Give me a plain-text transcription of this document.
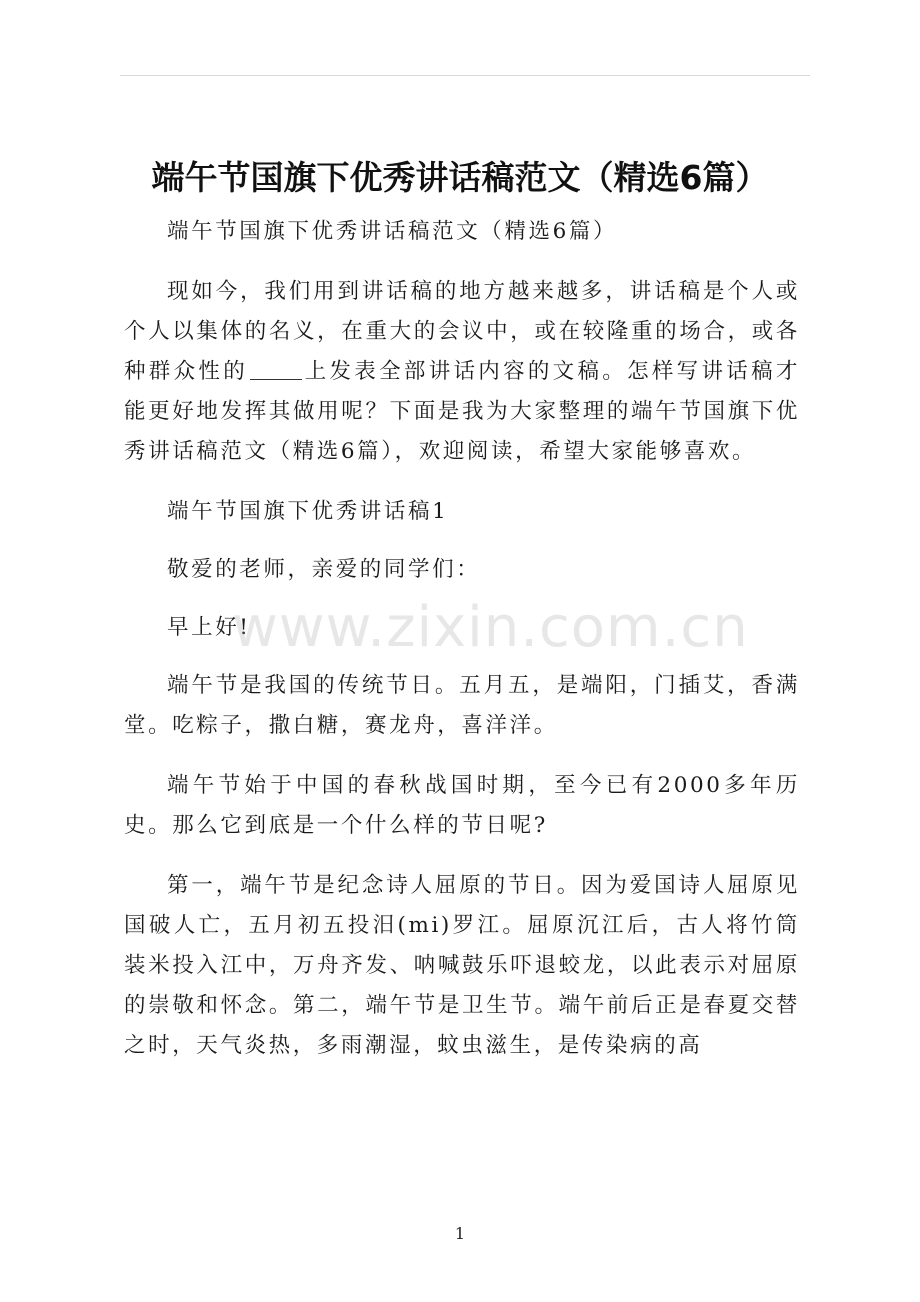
端午节国旗下优秀讲话稿范文（精选6篇）

端午节国旗下优秀讲话稿范文（精选6篇）

现如今，我们用到讲话稿的地方越来越多，讲话稿是个人或个人以集体的名义，在重大的会议中，或在较隆重的场合，或各种群众性的	上发表全部讲话内容的文稿。怎样写讲话稿才能更好地发挥其做用呢？下面是我为大家整理的端午节国旗下优秀讲话稿范文（精选6篇），欢迎阅读，希望大家能够喜欢。

端午节国旗下优秀讲话稿1

敬爱的老师，亲爱的同学们：

早上好!

端午节是我国的传统节日。五月五，是端阳，门插艾，香满堂。吃粽子，撒白糖，赛龙舟，喜洋洋。

端午节始于中国的春秋战国时期，至今已有2000多年历史。那么它到底是一个什么样的节日呢?

第一，端午节是纪念诗人屈原的节日。因为爱国诗人屈原见国破人亡，五月初五投汨(mi)罗江。屈原沉江后，古人将竹筒装米投入江中，万舟齐发、呐喊鼓乐吓退蛟龙，以此表示对屈原的崇敬和怀念。第二，端午节是卫生节。端午前后正是春夏交替之时，天气炎热，多雨潮湿，蚊虫滋生，是传染病的高

www.zixin.com.cn
1
